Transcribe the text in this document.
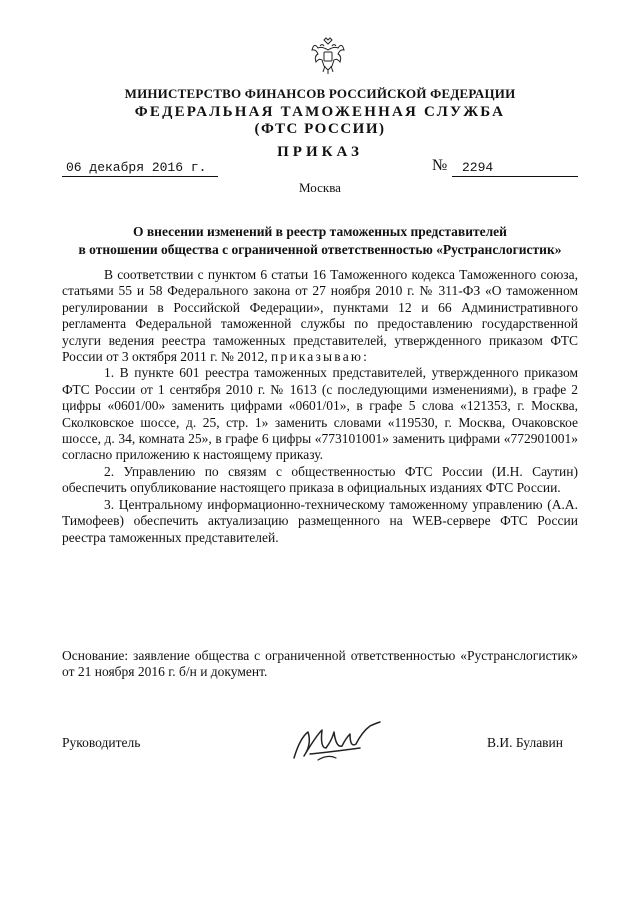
МИНИСТЕРСТВО ФИНАНСОВ РОССИЙСКОЙ ФЕДЕРАЦИИ
ФЕДЕРАЛЬНАЯ ТАМОЖЕННАЯ СЛУЖБА
(ФТС РОССИИ)
ПРИКАЗ
06 декабря 2016 г.	№	2294
Москва
О внесении изменений в реестр таможенных представителей
в отношении общества с ограниченной ответственностью «Рустранслогистик»

В соответствии с пунктом 6 статьи 16 Таможенного кодекса Таможенного союза, статьями 55 и 58 Федерального закона от 27 ноября 2010 г. № 311-ФЗ «О таможенном регулировании в Российской Федерации», пунктами 12 и 66 Административного регламента Федеральной таможенной службы по предоставлению государственной услуги ведения реестра таможенных представителей, утвержденного приказом ФТС России от 3 октября 2011 г. № 2012, приказываю:

1. В пункте 601 реестра таможенных представителей, утвержденного приказом ФТС России от 1 сентября 2010 г. № 1613 (с последующими изменениями), в графе 2 цифры «0601/00» заменить цифрами «0601/01», в графе 5 слова «121353, г. Москва, Сколковское шоссе, д. 25, стр. 1» заменить словами «119530, г. Москва, Очаковское шоссе, д. 34, комната 25», в графе 6 цифры «773101001» заменить цифрами «772901001» согласно приложению к настоящему приказу.

2. Управлению по связям с общественностью ФТС России (И.Н. Саутин) обеспечить опубликование настоящего приказа в официальных изданиях ФТС России.

3. Центральному информационно-техническому таможенному управлению (А.А. Тимофеев) обеспечить актуализацию размещенного на WEB-сервере ФТС России реестра таможенных представителей.

Основание: заявление общества с ограниченной ответственностью «Рустранслогистик» от 21 ноября 2016 г. б/н и документ.
Руководитель	В.И. Булавин
